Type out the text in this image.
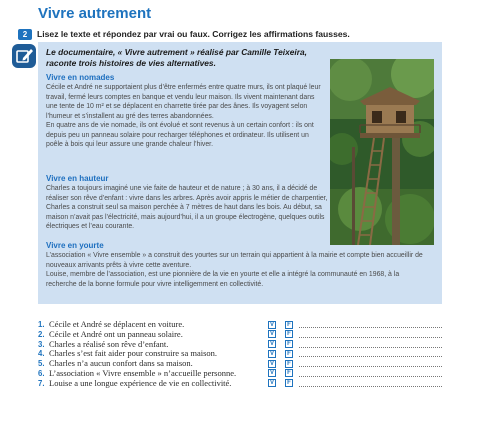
Vivre autrement
2	Lisez le texte et répondez par vrai ou faux. Corrigez les affirmations fausses.
Le documentaire, « Vivre autrement » réalisé par Camille Teixeira, raconte trois histoires de vies alternatives.
Vivre en nomades

Cécile et André ne supportaient plus d’être enfermés entre quatre murs, ils ont plaqué leur travail, fermé leurs comptes en banque et vendu leur maison. Ils vivent maintenant dans une tente de 10 m² et se déplacent en charrette tirée par des ânes. Ils voyagent selon l’humeur et s’installent au gré des terres abandonnées.

En quatre ans de vie nomade, ils ont évolué et sont revenus à un certain confort : ils ont depuis peu un panneau solaire pour recharger téléphones et ordinateur. Ils utilisent un poêle à bois qui leur assure une grande chaleur l’hiver.

Vivre en hauteur

Charles a toujours imaginé une vie faite de hauteur et de nature ; à 30 ans, il a décidé de réaliser son rêve d’enfant : vivre dans les arbres. Après avoir appris le métier de charpentier, Charles a construit seul sa maison perchée à 7 mètres de haut dans les bois. Au début, sa maison n’avait pas l’électricité, mais aujourd’hui, il a un groupe électrogène, quelques outils électriques et l’eau courante.

Vivre en yourte

L’association « Vivre ensemble » a construit des yourtes sur un terrain qui appartient à la mairie et compte bien accueillir de nouveaux arrivants prêts à vivre cette aventure.

Louise, membre de l’association, est une pionnière de la vie en yourte et elle a intégré la communauté en 1968, à la recherche de la bonne formule pour vivre intelligemment en collectivité.

1. Cécile et André se déplacent en voiture.	V	F
2. Cécile et André ont un panneau solaire.	V	F
3. Charles a réalisé son rêve d’enfant.	V	F
4. Charles s’est fait aider pour construire sa maison.	V	F
5. Charles n’a aucun confort dans sa maison.	V	F
6. L’association « Vivre ensemble » n’accueille personne.	V	F
7. Louise a une longue expérience de vie en collectivité.	V	F
